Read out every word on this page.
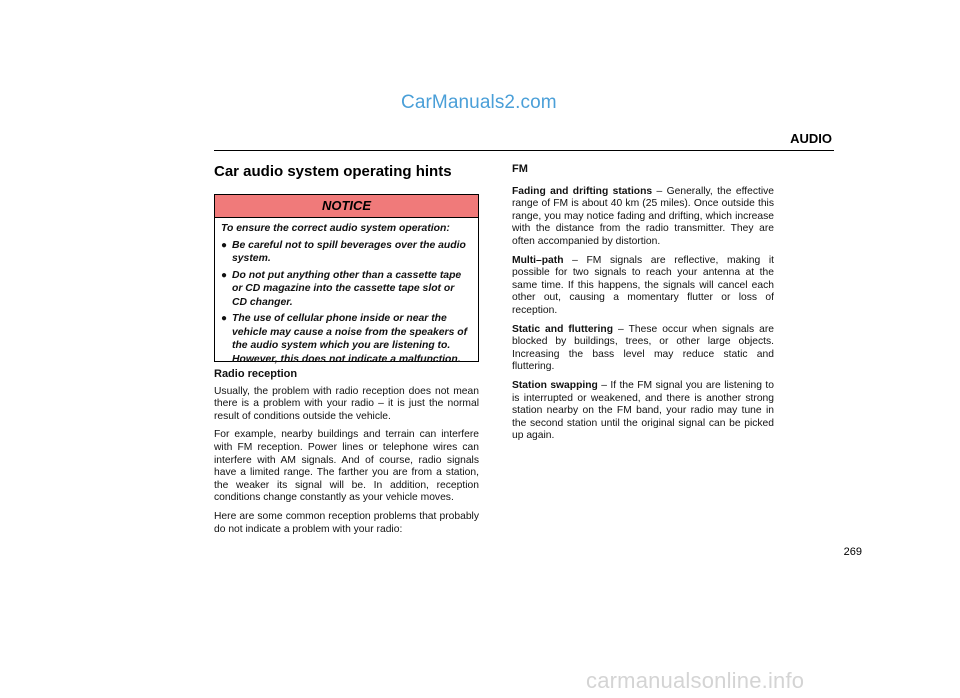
CarManuals2.com
AUDIO
Car audio system operating hints
NOTICE
To ensure the correct audio system operation:
● Be careful not to spill beverages over the audio system.
● Do not put anything other than a cassette tape or CD magazine into the cassette tape slot or CD changer.
● The use of cellular phone inside or near the vehicle may cause a noise from the speakers of the audio system which you are listening to. However, this does not indicate a malfunction.
Radio reception

Usually, the problem with radio reception does not mean there is a problem with your radio – it is just the normal result of conditions outside the vehicle.

For example, nearby buildings and terrain can interfere with FM reception. Power lines or telephone wires can interfere with AM signals. And of course, radio signals have a limited range. The farther you are from a station, the weaker its signal will be. In addition, reception conditions change constantly as your vehicle moves.

Here are some common reception problems that probably do not indicate a problem with your radio:

FM

Fading and drifting stations – Generally, the effective range of FM is about 40 km (25 miles). Once outside this range, you may notice fading and drifting, which increase with the distance from the radio transmitter. They are often accompanied by distortion.

Multi–path – FM signals are reflective, making it possible for two signals to reach your antenna at the same time. If this happens, the signals will cancel each other out, causing a momentary flutter or loss of reception.

Static and fluttering – These occur when signals are blocked by buildings, trees, or other large objects. Increasing the bass level may reduce static and fluttering.

Station swapping – If the FM signal you are listening to is interrupted or weakened, and there is another strong station nearby on the FM band, your radio may tune in the second station until the original signal can be picked up again.

269
carmanualsonline.info
